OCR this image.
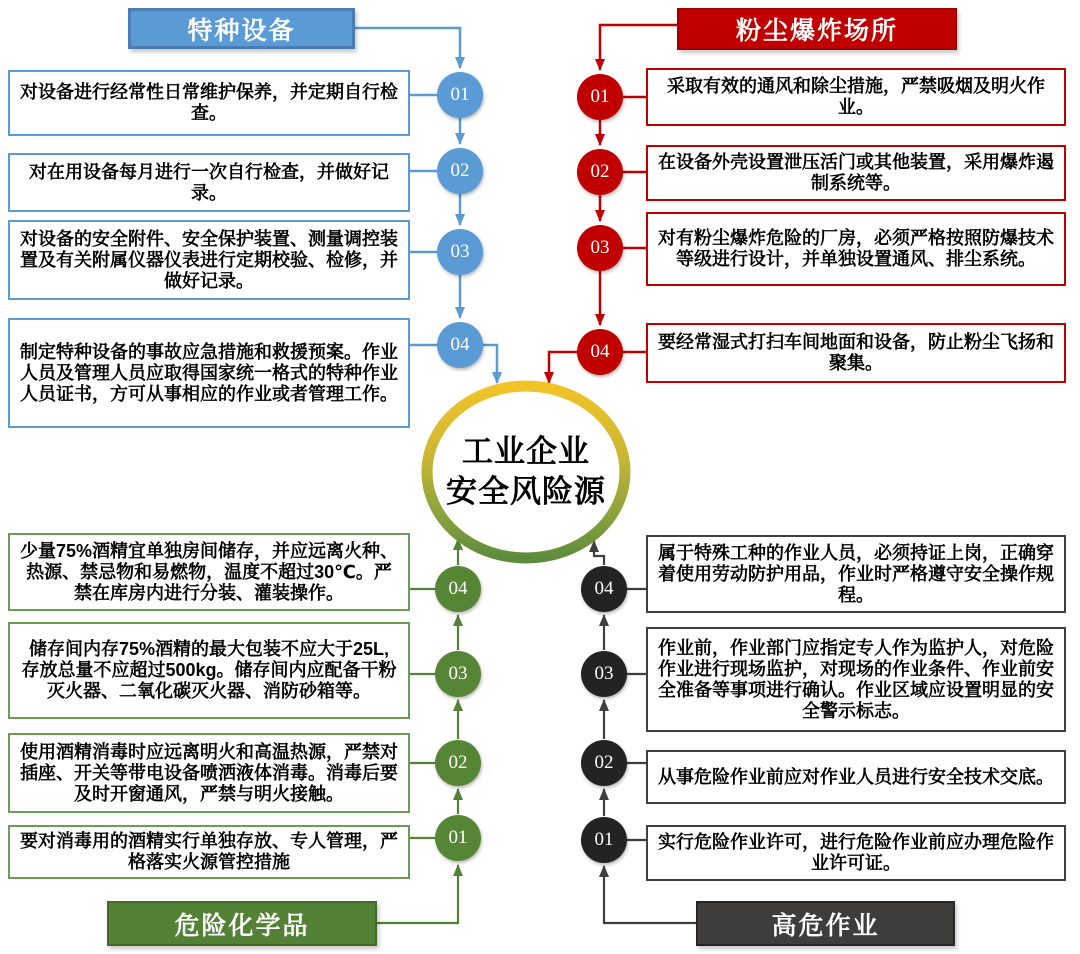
特种设备	粉尘爆炸场所
危险化学品	高危作业
对设备进行经常性日常维护保养，并定期自行检查。
对在用设备每月进行一次自行检查，并做好记录。
对设备的安全附件、安全保护装置、测量调控装置及有关附属仪器仪表进行定期校验、检修，并做好记录。
制定特种设备的事故应急措施和救援预案。作业人员及管理人员应取得国家统一格式的特种作业人员证书，方可从事相应的作业或者管理工作。
采取有效的通风和除尘措施，严禁吸烟及明火作业。
在设备外壳设置泄压活门或其他装置，采用爆炸遏制系统等。
对有粉尘爆炸危险的厂房，必须严格按照防爆技术等级进行设计，并单独设置通风、排尘系统。
要经常湿式打扫车间地面和设备，防止粉尘飞扬和聚集。
少量75%酒精宜单独房间储存，并应远离火种、热源、禁忌物和易燃物，温度不超过30℃。严禁在库房内进行分装、灌装操作。
储存间内存75%酒精的最大包装不应大于25L, 存放总量不应超过500kg。储存间内应配备干粉灭火器、二氧化碳灭火器、消防砂箱等。
使用酒精消毒时应远离明火和高温热源，严禁对插座、开关等带电设备喷洒液体消毒。消毒后要及时开窗通风，严禁与明火接触。
要对消毒用的酒精实行单独存放、专人管理，严格落实火源管控措施
属于特殊工种的作业人员，必须持证上岗，正确穿着使用劳动防护用品，作业时严格遵守安全操作规程。
作业前，作业部门应指定专人作为监护人，对危险作业进行现场监护，对现场的作业条件、作业前安全准备等事项进行确认。作业区域应设置明显的安全警示标志。
从事危险作业前应对作业人员进行安全技术交底。
实行危险作业许可，进行危险作业前应办理危险作业许可证。
01
02
03
04
01
02
03
04
04
03
02
01
04
03
02
01
工业企业
安全风险源
